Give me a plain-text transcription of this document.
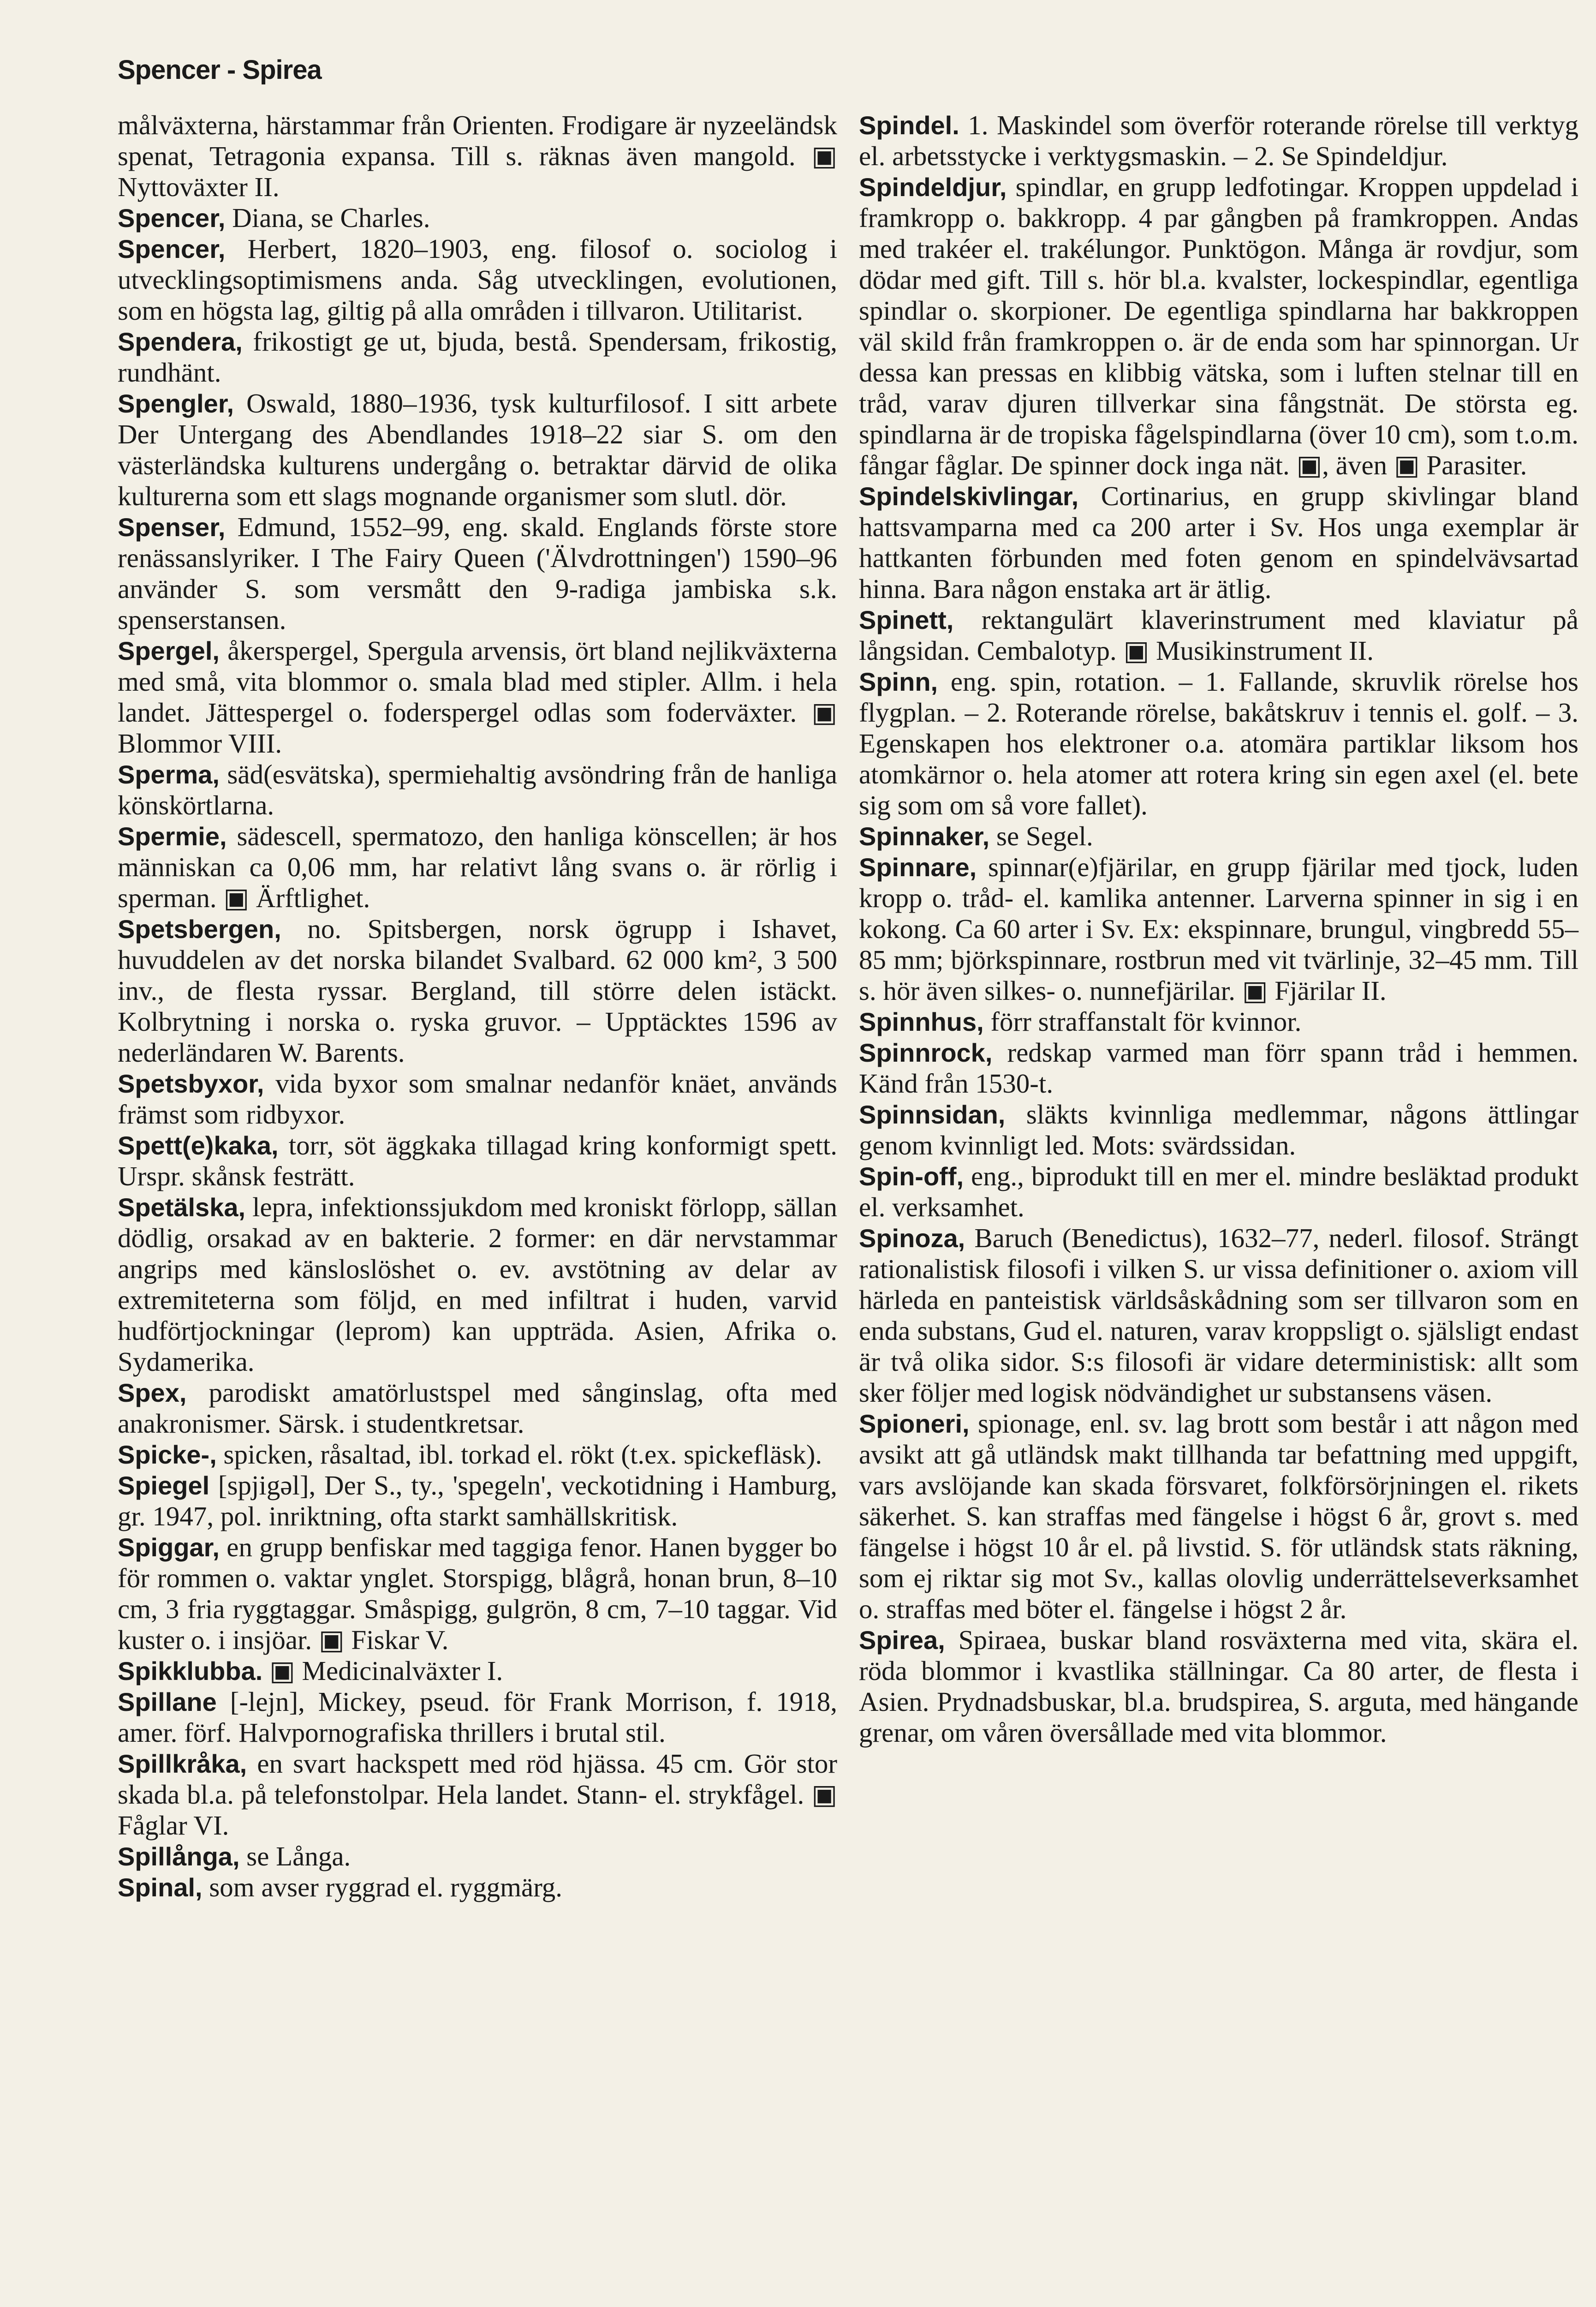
Spencer - Spirea

målväxterna, härstammar från Orienten. Frodigare är nyzeeländsk spenat, Tetragonia expansa. Till s. räknas även mangold. ▣ Nyttoväxter II.

Spencer, Diana, se Charles.

Spencer, Herbert, 1820–1903, eng. filosof o. sociolog i utvecklingsoptimismens anda. Såg utvecklingen, evolutionen, som en högsta lag, giltig på alla områden i tillvaron. Utilitarist.

Spendera, frikostigt ge ut, bjuda, bestå. Spendersam, frikostig, rundhänt.

Spengler, Oswald, 1880–1936, tysk kulturfilosof. I sitt arbete Der Untergang des Abendlandes 1918–22 siar S. om den västerländska kulturens undergång o. betraktar därvid de olika kulturerna som ett slags mognande organismer som slutl. dör.

Spenser, Edmund, 1552–99, eng. skald. Englands förste store renässanslyriker. I The Fairy Queen ('Älvdrottningen') 1590–96 använder S. som versmått den 9-radiga jambiska s.k. spenserstansen.

Spergel, åkerspergel, Spergula arvensis, ört bland nejlikväxterna med små, vita blommor o. smala blad med stipler. Allm. i hela landet. Jättespergel o. foderspergel odlas som foderväxter. ▣ Blommor VIII.

Sperma, säd(esvätska), spermiehaltig avsöndring från de hanliga könskörtlarna.

Spermie, sädescell, spermatozo, den hanliga könscellen; är hos människan ca 0,06 mm, har relativt lång svans o. är rörlig i sperman. ▣ Ärftlighet.

Spetsbergen, no. Spitsbergen, norsk ögrupp i Ishavet, huvuddelen av det norska bilandet Svalbard. 62 000 km², 3 500 inv., de flesta ryssar. Bergland, till större delen istäckt. Kolbrytning i norska o. ryska gruvor. – Upptäcktes 1596 av nederländaren W. Barents.

Spetsbyxor, vida byxor som smalnar nedanför knäet, används främst som ridbyxor.

Spett(e)kaka, torr, söt äggkaka tillagad kring konformigt spett. Urspr. skånsk festrätt.

Spetälska, lepra, infektionssjukdom med kroniskt förlopp, sällan dödlig, orsakad av en bakterie. 2 former: en där nervstammar angrips med känsloslöshet o. ev. avstötning av delar av extremiteterna som följd, en med infiltrat i huden, varvid hudförtjockningar (leprom) kan uppträda. Asien, Afrika o. Sydamerika.

Spex, parodiskt amatörlustspel med sånginslag, ofta med anakronismer. Särsk. i studentkretsar.

Spicke-, spicken, råsaltad, ibl. torkad el. rökt (t.ex. spickefläsk).

Spiegel [spjigəl], Der S., ty., 'spegeln', veckotidning i Hamburg, gr. 1947, pol. inriktning, ofta starkt samhällskritisk.

Spiggar, en grupp benfiskar med taggiga fenor. Hanen bygger bo för rommen o. vaktar ynglet. Storspigg, blågrå, honan brun, 8–10 cm, 3 fria ryggtaggar. Småspigg, gulgrön, 8 cm, 7–10 taggar. Vid kuster o. i insjöar. ▣ Fiskar V.

Spikklubba. ▣ Medicinalväxter I.

Spillane [-lejn], Mickey, pseud. för Frank Morrison, f. 1918, amer. förf. Halvpornografiska thrillers i brutal stil.

Spillkråka, en svart hackspett med röd hjässa. 45 cm. Gör stor skada bl.a. på telefonstolpar. Hela landet. Stann- el. strykfågel. ▣ Fåglar VI.

Spillånga, se Långa.

Spinal, som avser ryggrad el. ryggmärg.

Spindel. 1. Maskindel som överför roterande rörelse till verktyg el. arbetsstycke i verktygsmaskin. – 2. Se Spindeldjur.

Spindeldjur, spindlar, en grupp ledfotingar. Kroppen uppdelad i framkropp o. bakkropp. 4 par gångben på framkroppen. Andas med trakéer el. trakélungor. Punktögon. Många är rovdjur, som dödar med gift. Till s. hör bl.a. kvalster, lockespindlar, egentliga spindlar o. skorpioner. De egentliga spindlarna har bakkroppen väl skild från framkroppen o. är de enda som har spinnorgan. Ur dessa kan pressas en klibbig vätska, som i luften stelnar till en tråd, varav djuren tillverkar sina fångstnät. De största eg. spindlarna är de tropiska fågelspindlarna (över 10 cm), som t.o.m. fångar fåglar. De spinner dock inga nät. ▣, även ▣ Parasiter.

Spindelskivlingar, Cortinarius, en grupp skivlingar bland hattsvamparna med ca 200 arter i Sv. Hos unga exemplar är hattkanten förbunden med foten genom en spindelvävsartad hinna. Bara någon enstaka art är ätlig.

Spinett, rektangulärt klaverinstrument med klaviatur på långsidan. Cembalotyp. ▣ Musikinstrument II.

Spinn, eng. spin, rotation. – 1. Fallande, skruvlik rörelse hos flygplan. – 2. Roterande rörelse, bakåtskruv i tennis el. golf. – 3. Egenskapen hos elektroner o.a. atomära partiklar liksom hos atomkärnor o. hela atomer att rotera kring sin egen axel (el. bete sig som om så vore fallet).

Spinnaker, se Segel.

Spinnare, spinnar(e)fjärilar, en grupp fjärilar med tjock, luden kropp o. tråd- el. kamlika antenner. Larverna spinner in sig i en kokong. Ca 60 arter i Sv. Ex: ekspinnare, brungul, vingbredd 55–85 mm; björkspinnare, rostbrun med vit tvärlinje, 32–45 mm. Till s. hör även silkes- o. nunnefjärilar. ▣ Fjärilar II.

Spinnhus, förr straffanstalt för kvinnor.

Spinnrock, redskap varmed man förr spann tråd i hemmen. Känd från 1530-t.

Spinnsidan, släkts kvinnliga medlemmar, någons ättlingar genom kvinnligt led. Mots: svärdssidan.

Spin-off, eng., biprodukt till en mer el. mindre besläktad produkt el. verksamhet.

Spinoza, Baruch (Benedictus), 1632–77, nederl. filosof. Strängt rationalistisk filosofi i vilken S. ur vissa definitioner o. axiom vill härleda en panteistisk världsåskådning som ser tillvaron som en enda substans, Gud el. naturen, varav kroppsligt o. själsligt endast är två olika sidor. S:s filosofi är vidare deterministisk: allt som sker följer med logisk nödvändighet ur substansens väsen.

Spioneri, spionage, enl. sv. lag brott som består i att någon med avsikt att gå utländsk makt tillhanda tar befattning med uppgift, vars avslöjande kan skada försvaret, folkförsörjningen el. rikets säkerhet. S. kan straffas med fängelse i högst 6 år, grovt s. med fängelse i högst 10 år el. på livstid. S. för utländsk stats räkning, som ej riktar sig mot Sv., kallas olovlig underrättelseverksamhet o. straffas med böter el. fängelse i högst 2 år.

Spirea, Spiraea, buskar bland rosväxterna med vita, skära el. röda blommor i kvastlika ställningar. Ca 80 arter, de flesta i Asien. Prydnadsbuskar, bl.a. brudspirea, S. arguta, med hängande grenar, om våren översållade med vita blommor.
